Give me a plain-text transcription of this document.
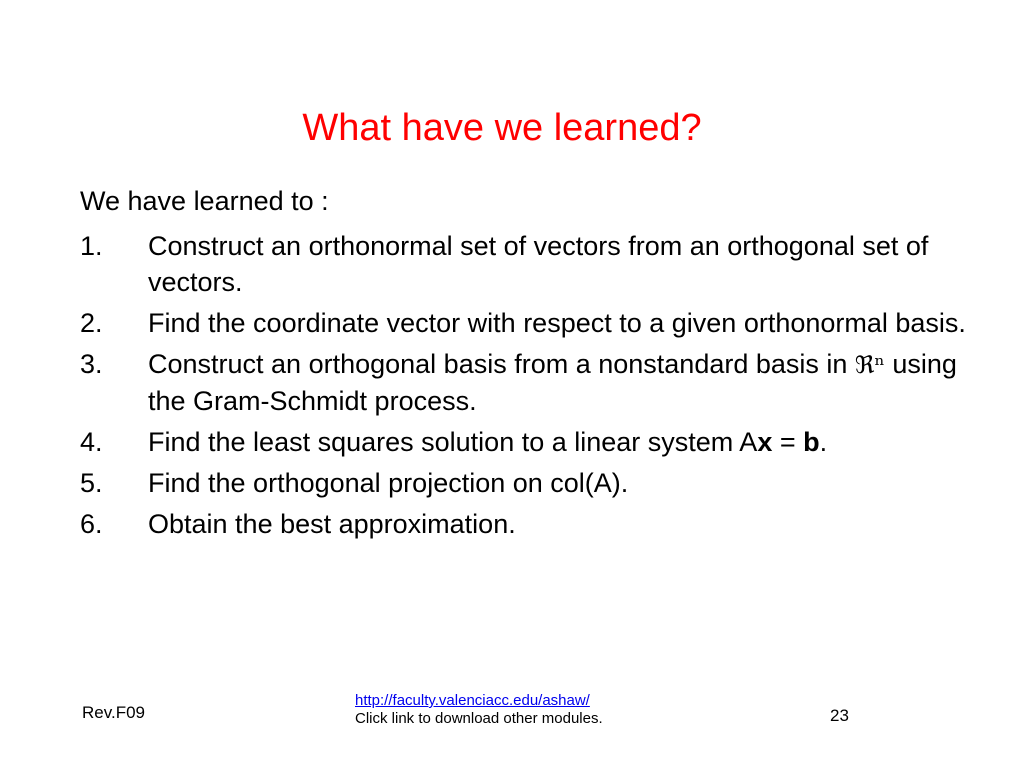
What have we learned?
We have learned to :
1.	Construct an orthonormal set of vectors from an orthogonal set of vectors.
2.	Find the coordinate vector with respect to a given orthonormal basis.
3.	Construct an orthogonal basis from a nonstandard basis in ℜⁿ using the Gram-Schmidt process.
4.	Find the least squares solution to a linear system Ax = b.
5.	Find the orthogonal projection on col(A).
6.	Obtain the best approximation.
Rev.F09
http://faculty.valenciacc.edu/ashaw/
Click link to download other modules.	23
